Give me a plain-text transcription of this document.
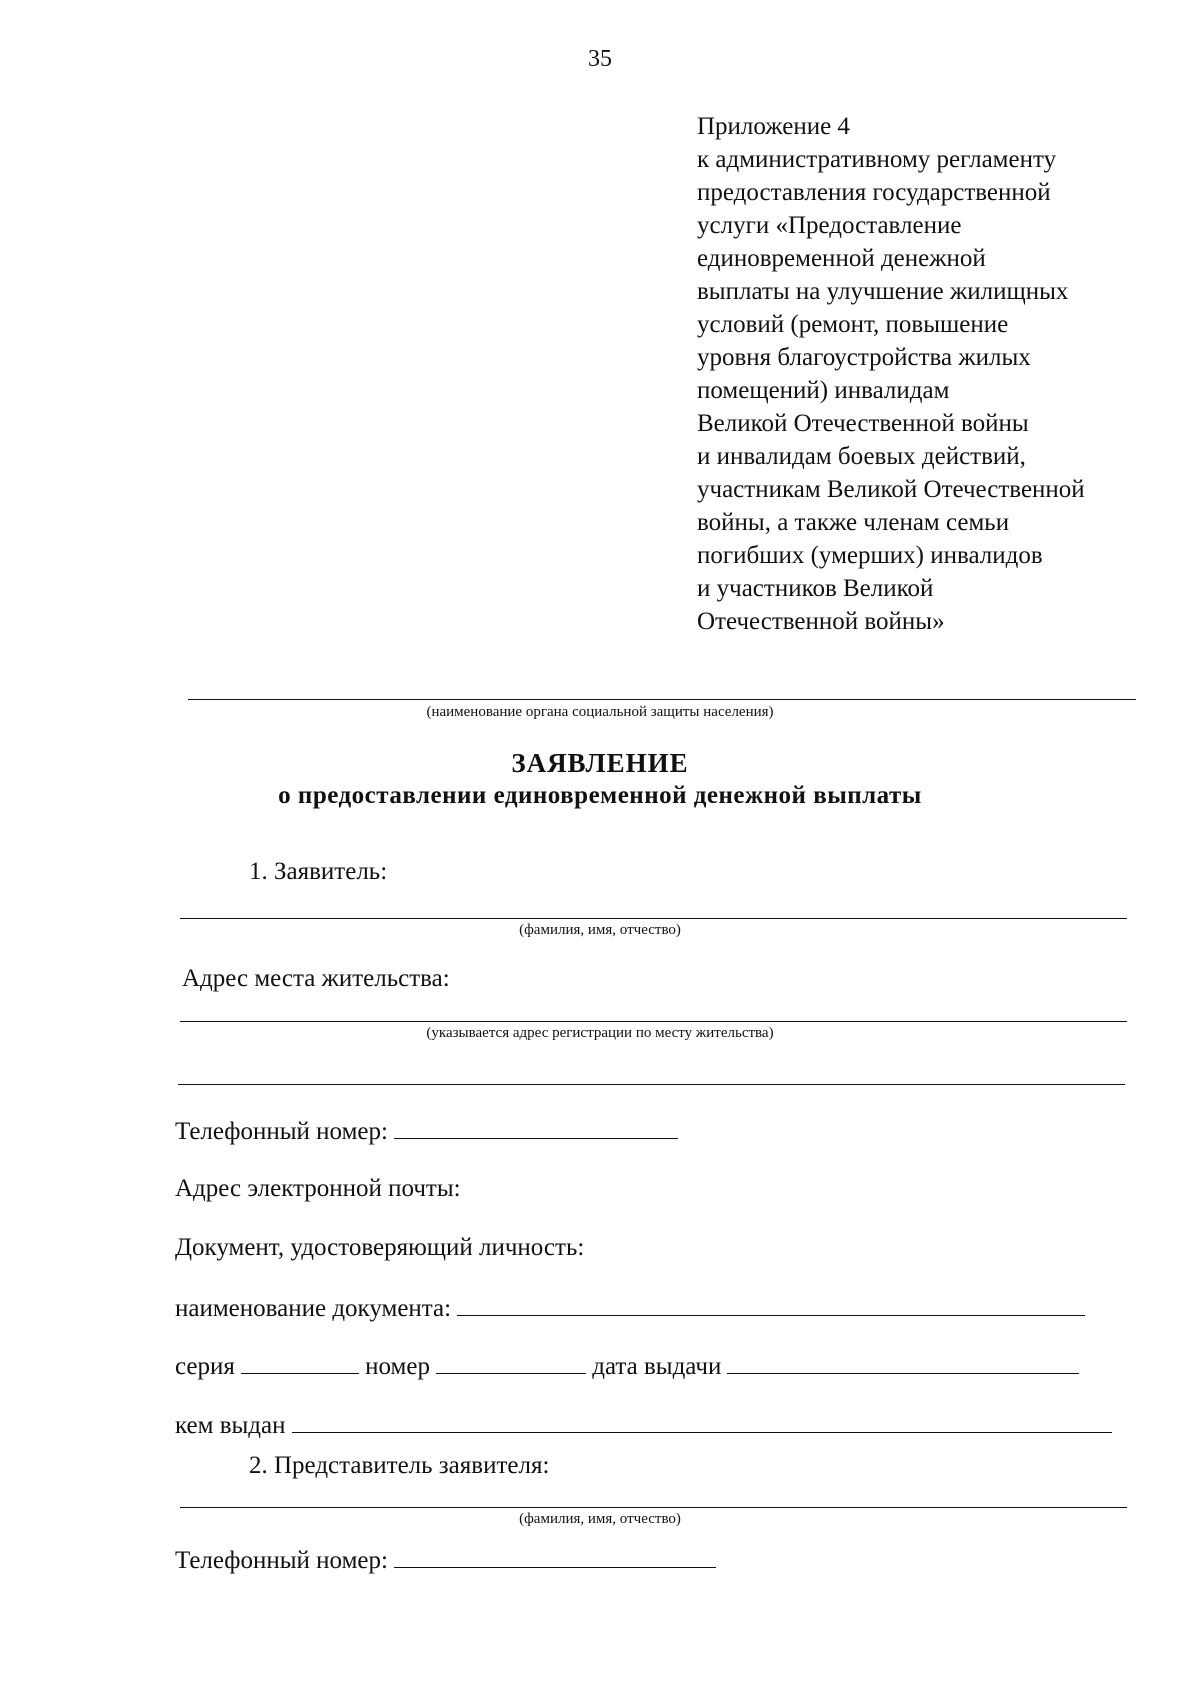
35
Приложение 4
к административному регламенту
предоставления государственной
услуги «Предоставление
единовременной денежной
выплаты на улучшение жилищных
условий (ремонт, повышение
уровня благоустройства жилых
помещений) инвалидам
Великой Отечественной войны
и инвалидам боевых действий,
участникам Великой Отечественной
войны, а также членам семьи
погибших (умерших) инвалидов
и участников Великой
Отечественной войны»
(наименование органа социальной защиты населения)
ЗАЯВЛЕНИЕ
о предоставлении единовременной денежной выплаты
1. Заявитель:
(фамилия, имя, отчество)
Адрес места жительства:
(указывается адрес регистрации по месту жительства)
Телефонный номер:
Адрес электронной почты:
Документ, удостоверяющий личность:
наименование документа:
серия	номер	дата выдачи
кем выдан
2. Представитель заявителя:
(фамилия, имя, отчество)
Телефонный номер:
